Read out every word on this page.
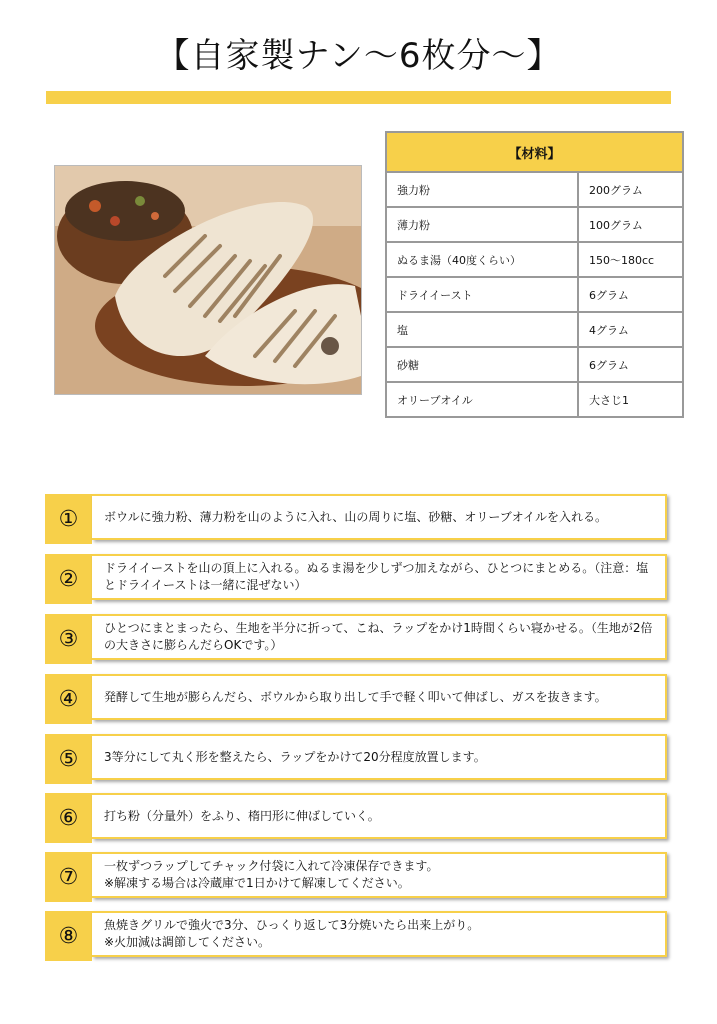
【自家製ナン～6枚分～】
【材料】	
強力粉	200グラム
薄力粉	100グラム
ぬるま湯（40度くらい）	150～180cc
ドライイースト	6グラム
塩	4グラム
砂糖	6グラム
オリーブオイル	大さじ1
①	ボウルに強力粉、薄力粉を山のように入れ、山の周りに塩、砂糖、オリーブオイルを入れる。
②	ドライイーストを山の頂上に入れる。ぬるま湯を少しずつ加えながら、ひとつにまとめる。（注意：塩とドライイーストは一緒に混ぜない）
③	ひとつにまとまったら、生地を半分に折って、こね、ラップをかけ1時間くらい寝かせる。（生地が2倍の大きさに膨らんだらOKです。）
④	発酵して生地が膨らんだら、ボウルから取り出して手で軽く叩いて伸ばし、ガスを抜きます。
⑤	3等分にして丸く形を整えたら、ラップをかけて20分程度放置します。
⑥	打ち粉（分量外）をふり、楕円形に伸ばしていく。
⑦	一枚ずつラップしてチャック付袋に入れて冷凍保存できます。
※解凍する場合は冷蔵庫で1日かけて解凍してください。
⑧	魚焼きグリルで強火で3分、ひっくり返して3分焼いたら出来上がり。
※火加減は調節してください。
